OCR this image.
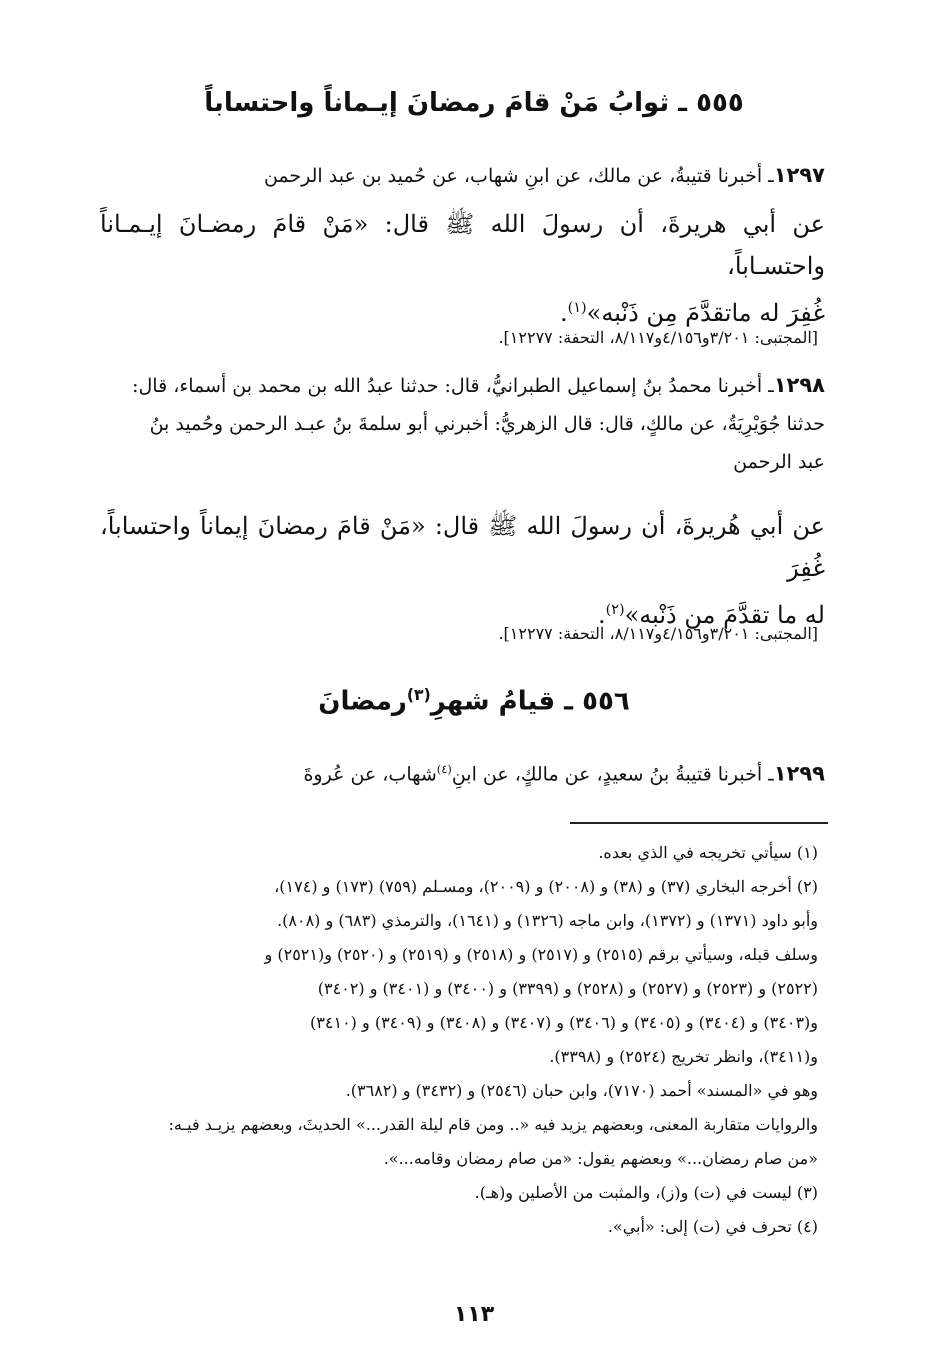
٥٥٥ ـ ثوابُ مَنْ قامَ رمضانَ إيـماناً واحتساباً
١٢٩٧ـ أخبرنا قتيبةُ، عن مالك، عن ابنِ شهاب، عن حُميد بن عبد الرحمن
عن أبي هريرةَ، أن رسولَ الله ﷺ قال: «مَنْ قامَ رمضـانَ إيـمـاناً واحتسـاباً،
غُفِرَ له ماتقدَّمَ مِن ذَنْبه»$^{(١)}$.
[المجتبى: ٣/٢٠١و٤/١٥٦و٨/١١٧، التحفة: ١٢٢٧٧].
١٢٩٨ـ أخبرنا محمدُ بنُ إسماعيل الطبرانيُّ، قال: حدثنا عبدُ الله بن محمد بن أسماء، قال:
حدثنا جُوَيْرِيَةُ، عن مالكٍ، قال: قال الزهريُّ: أخبرني أبو سلمةَ بنُ عبـد الرحمن وحُميد بنُ
عبد الرحمن
عن أبي هُريرةَ، أن رسولَ الله ﷺ قال: «مَنْ قامَ رمضانَ إيماناً واحتساباً، غُفِرَ
له ما تقدَّمَ من ذَنْبه»$^{(٢)}$.
[المجتبى: ٣/٢٠١و٤/١٥٦و٨/١١٧، التحفة: ١٢٢٧٧].
٥٥٦ ـ قيامُ شهرِ$^{(٣)}$رمضانَ
١٢٩٩ـ أخبرنا قتيبةُ بنُ سعيدٍ، عن مالكٍ، عن ابنِ$^{(٤)}$شهاب، عن عُروةَ
(١) سيأتي تخريجه في الذي بعده.
(٢) أخرجه البخاري (٣٧) و (٣٨) و (٢٠٠٨) و (٢٠٠٩)، ومسـلم (٧٥٩) (١٧٣) و (١٧٤)،
وأبو داود (١٣٧١) و (١٣٧٢)، وابن ماجه (١٣٢٦) و (١٦٤١)، والترمذي (٦٨٣) و (٨٠٨).
وسلف قبله، وسيأتي برقم (٢٥١٥) و (٢٥١٧) و (٢٥١٨) و (٢٥١٩) و (٢٥٢٠) و(٢٥٢١) و
(٢٥٢٢) و (٢٥٢٣) و (٢٥٢٧) و (٢٥٢٨) و (٣٣٩٩) و (٣٤٠٠) و (٣٤٠١) و (٣٤٠٢)
و(٣٤٠٣) و (٣٤٠٤) و (٣٤٠٥) و (٣٤٠٦) و (٣٤٠٧) و (٣٤٠٨) و (٣٤٠٩) و (٣٤١٠)
و(٣٤١١)، وانظر تخريج (٢٥٢٤) و (٣٣٩٨).
وهو في «المسند» أحمد (٧١٧٠)، وابن حبان (٢٥٤٦) و (٣٤٣٢) و (٣٦٨٢).
والروايات متقاربة المعنى، وبعضهم يزيد فيه «.. ومن قام ليلة القدر...» الحديثَ، وبعضهم يزيـد فيـه:
«من صام رمضان...» وبعضهم يقول: «من صام رمضان وقامه...».
(٣) ليست في (ت) و(ز)، والمثبت من الأصلين و(هـ).
(٤) تحرف في (ت) إلى: «أبي».
١١٣
